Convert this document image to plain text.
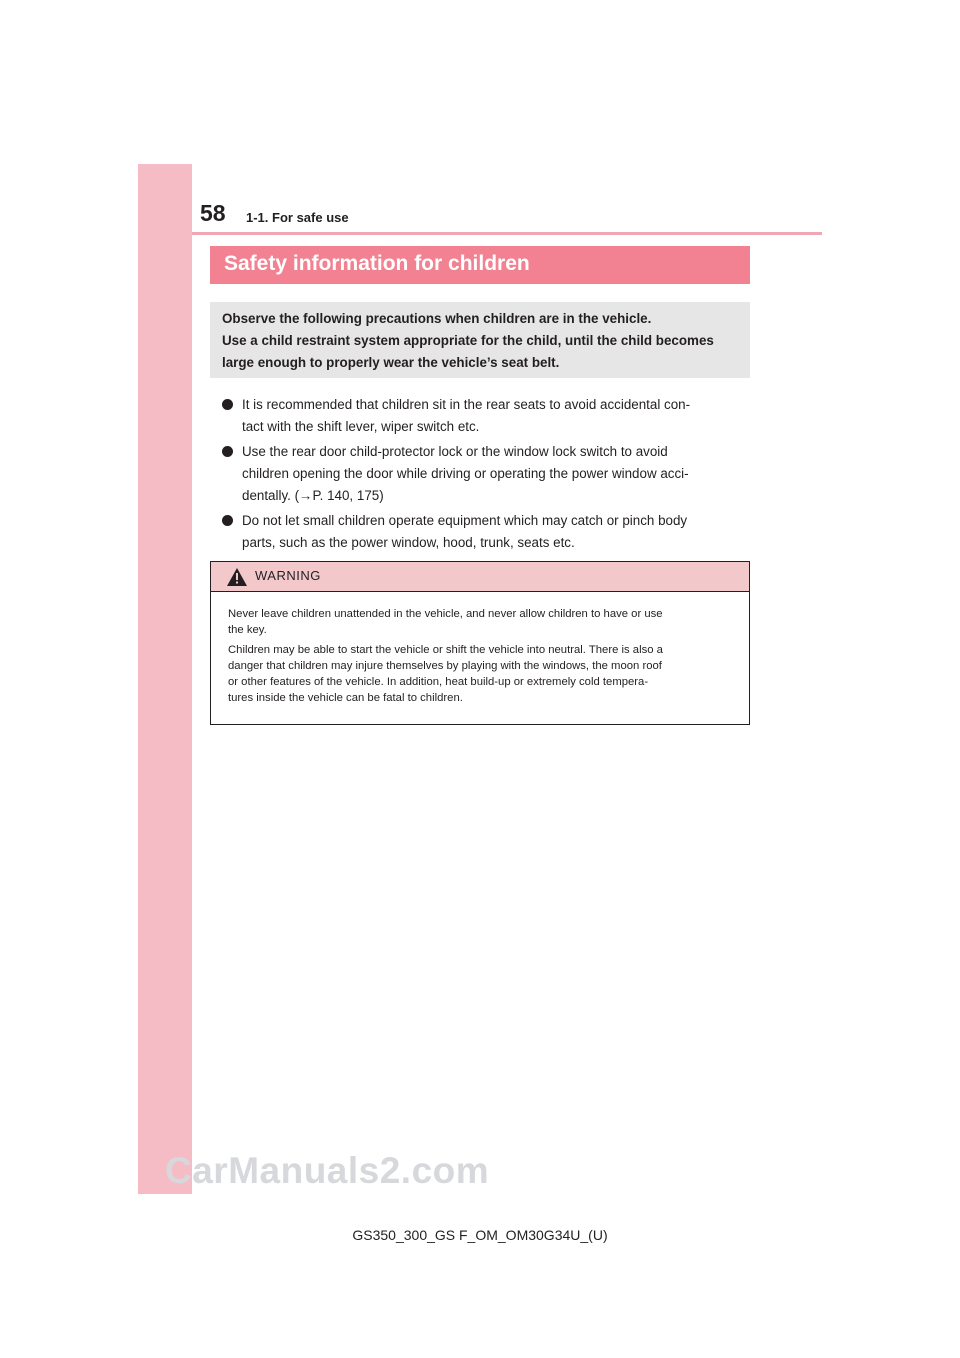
58 1-1. For safe use
Safety information for children
Observe the following precautions when children are in the vehicle.
Use a child restraint system appropriate for the child, until the child becomes
large enough to properly wear the vehicle’s seat belt.
It is recommended that children sit in the rear seats to avoid accidental con-
tact with the shift lever, wiper switch etc.
Use the rear door child-protector lock or the window lock switch to avoid
children opening the door while driving or operating the power window acci-
dentally. (→P. 140, 175)
Do not let small children operate equipment which may catch or pinch body
parts, such as the power window, hood, trunk, seats etc.
WARNING
Never leave children unattended in the vehicle, and never allow children to have or use
the key.
Children may be able to start the vehicle or shift the vehicle into neutral. There is also a
danger that children may injure themselves by playing with the windows, the moon roof
or other features of the vehicle. In addition, heat build-up or extremely cold tempera-
tures inside the vehicle can be fatal to children.
CarManuals2.com
GS350_300_GS F_OM_OM30G34U_(U)
